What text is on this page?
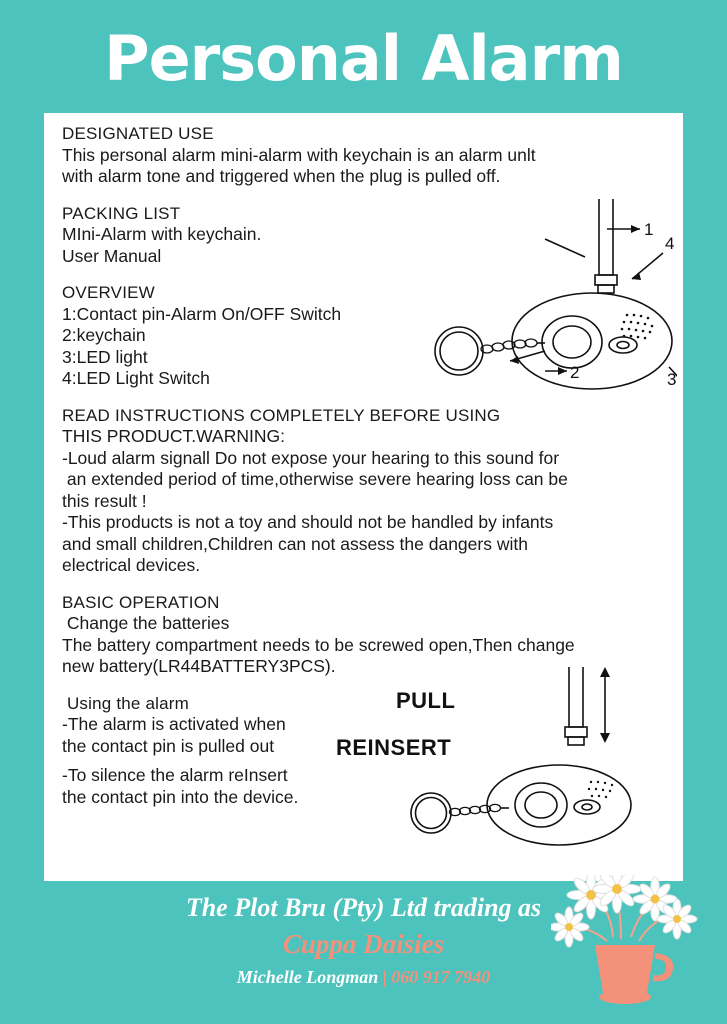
Personal Alarm
DESIGNATED USE
This personal alarm mini-alarm with keychain is an alarm unlt
with alarm tone and triggered when the plug is pulled off.
PACKING LIST
MIni-Alarm with keychain.
User Manual
OVERVIEW
1:Contact pin-Alarm On/OFF Switch
2:keychain
3:LED light
4:LED Light Switch
READ INSTRUCTIONS COMPLETELY BEFORE USING
THIS PRODUCT.WARNING:
-Loud alarm signall Do not expose your hearing to this sound for
an extended period of time,otherwise severe hearing loss can be
this result !
-This products is not a toy and should not be handled by infants
and small children,Children can not assess the dangers with
electrical devices.
BASIC OPERATION
Change the batteries
The battery compartment needs to be screwed open,Then change
new battery(LR44BATTERY3PCS).
Using the alarm
-The alarm is activated when
the contact pin is pulled out
-To silence the alarm reInsert
the contact pin into the device.
1
4
2	3
PULL
REINSERT
The Plot Bru (Pty) Ltd trading as
Cuppa Daisies
Michelle Longman | 060 917 7940
